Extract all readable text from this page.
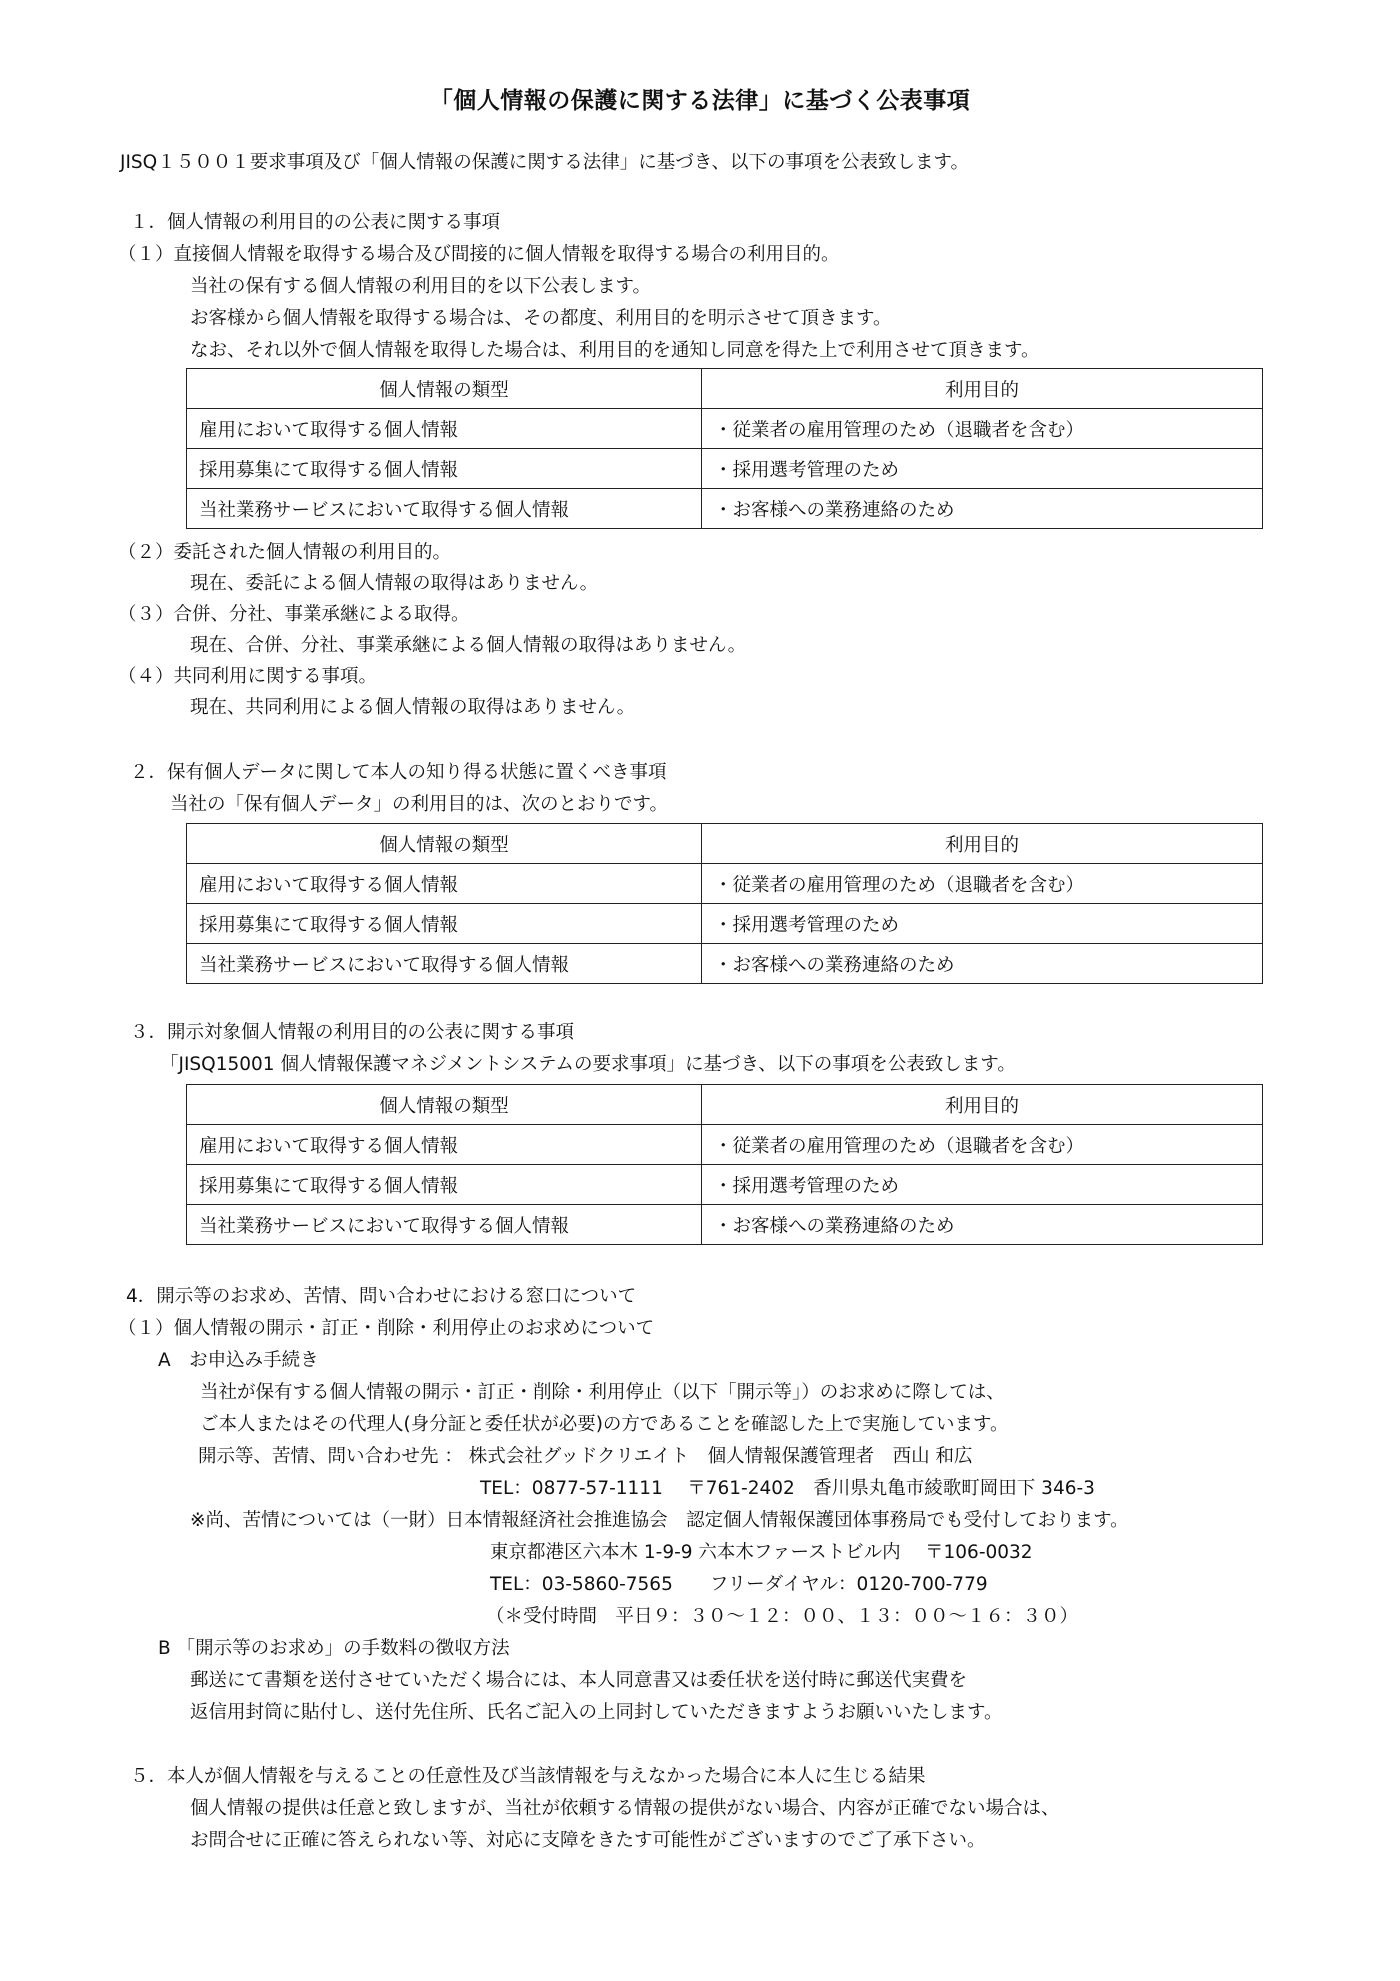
「個人情報の保護に関する法律」に基づく公表事項
JISQ１５００１要求事項及び「個人情報の保護に関する法律」に基づき、以下の事項を公表致します。
１．個人情報の利用目的の公表に関する事項
（１）直接個人情報を取得する場合及び間接的に個人情報を取得する場合の利用目的。
当社の保有する個人情報の利用目的を以下公表します。
お客様から個人情報を取得する場合は、その都度、利用目的を明示させて頂きます。
なお、それ以外で個人情報を取得した場合は、利用目的を通知し同意を得た上で利用させて頂きます。
個人情報の類型	利用目的
雇用において取得する個人情報	・従業者の雇用管理のため（退職者を含む）
採用募集にて取得する個人情報	・採用選考管理のため
当社業務サービスにおいて取得する個人情報	・お客様への業務連絡のため
（２）委託された個人情報の利用目的。
現在、委託による個人情報の取得はありません。
（３）合併、分社、事業承継による取得。
現在、合併、分社、事業承継による個人情報の取得はありません。
（４）共同利用に関する事項。
現在、共同利用による個人情報の取得はありません。
２．保有個人データに関して本人の知り得る状態に置くべき事項
当社の「保有個人データ」の利用目的は、次のとおりです。
個人情報の類型	利用目的
雇用において取得する個人情報	・従業者の雇用管理のため（退職者を含む）
採用募集にて取得する個人情報	・採用選考管理のため
当社業務サービスにおいて取得する個人情報	・お客様への業務連絡のため
３．開示対象個人情報の利用目的の公表に関する事項
「JISQ15001 個人情報保護マネジメントシステムの要求事項」に基づき、以下の事項を公表致します。
個人情報の類型	利用目的
雇用において取得する個人情報	・従業者の雇用管理のため（退職者を含む）
採用募集にて取得する個人情報	・採用選考管理のため
当社業務サービスにおいて取得する個人情報	・お客様への業務連絡のため
4．開示等のお求め、苦情、問い合わせにおける窓口について
（１）個人情報の開示・訂正・削除・利用停止のお求めについて
A　お申込み手続き
当社が保有する個人情報の開示・訂正・削除・利用停止（以下「開示等」）のお求めに際しては、
ご本人またはその代理人(身分証と委任状が必要)の方であることを確認した上で実施しています。
開示等、苦情、問い合わせ先 ： 株式会社グッドクリエイト　個人情報保護管理者　西山 和広
TEL：0877-57-1111　 〒761-2402　香川県丸亀市綾歌町岡田下 346-3
※尚、苦情については（一財）日本情報経済社会推進協会　認定個人情報保護団体事務局でも受付しております。
東京都港区六本木 1-9-9 六本木ファーストビル内　 〒106-0032
TEL：03-5860-7565　　フリーダイヤル：0120-700-779
（＊受付時間　平日９：３０～１２：００、１３：００～１６：３０）
B 「開示等のお求め」の手数料の徴収方法
郵送にて書類を送付させていただく場合には、本人同意書又は委任状を送付時に郵送代実費を
返信用封筒に貼付し、送付先住所、氏名ご記入の上同封していただきますようお願いいたします。
５．本人が個人情報を与えることの任意性及び当該情報を与えなかった場合に本人に生じる結果
個人情報の提供は任意と致しますが、当社が依頼する情報の提供がない場合、内容が正確でない場合は、
お問合せに正確に答えられない等、対応に支障をきたす可能性がございますのでご了承下さい。
